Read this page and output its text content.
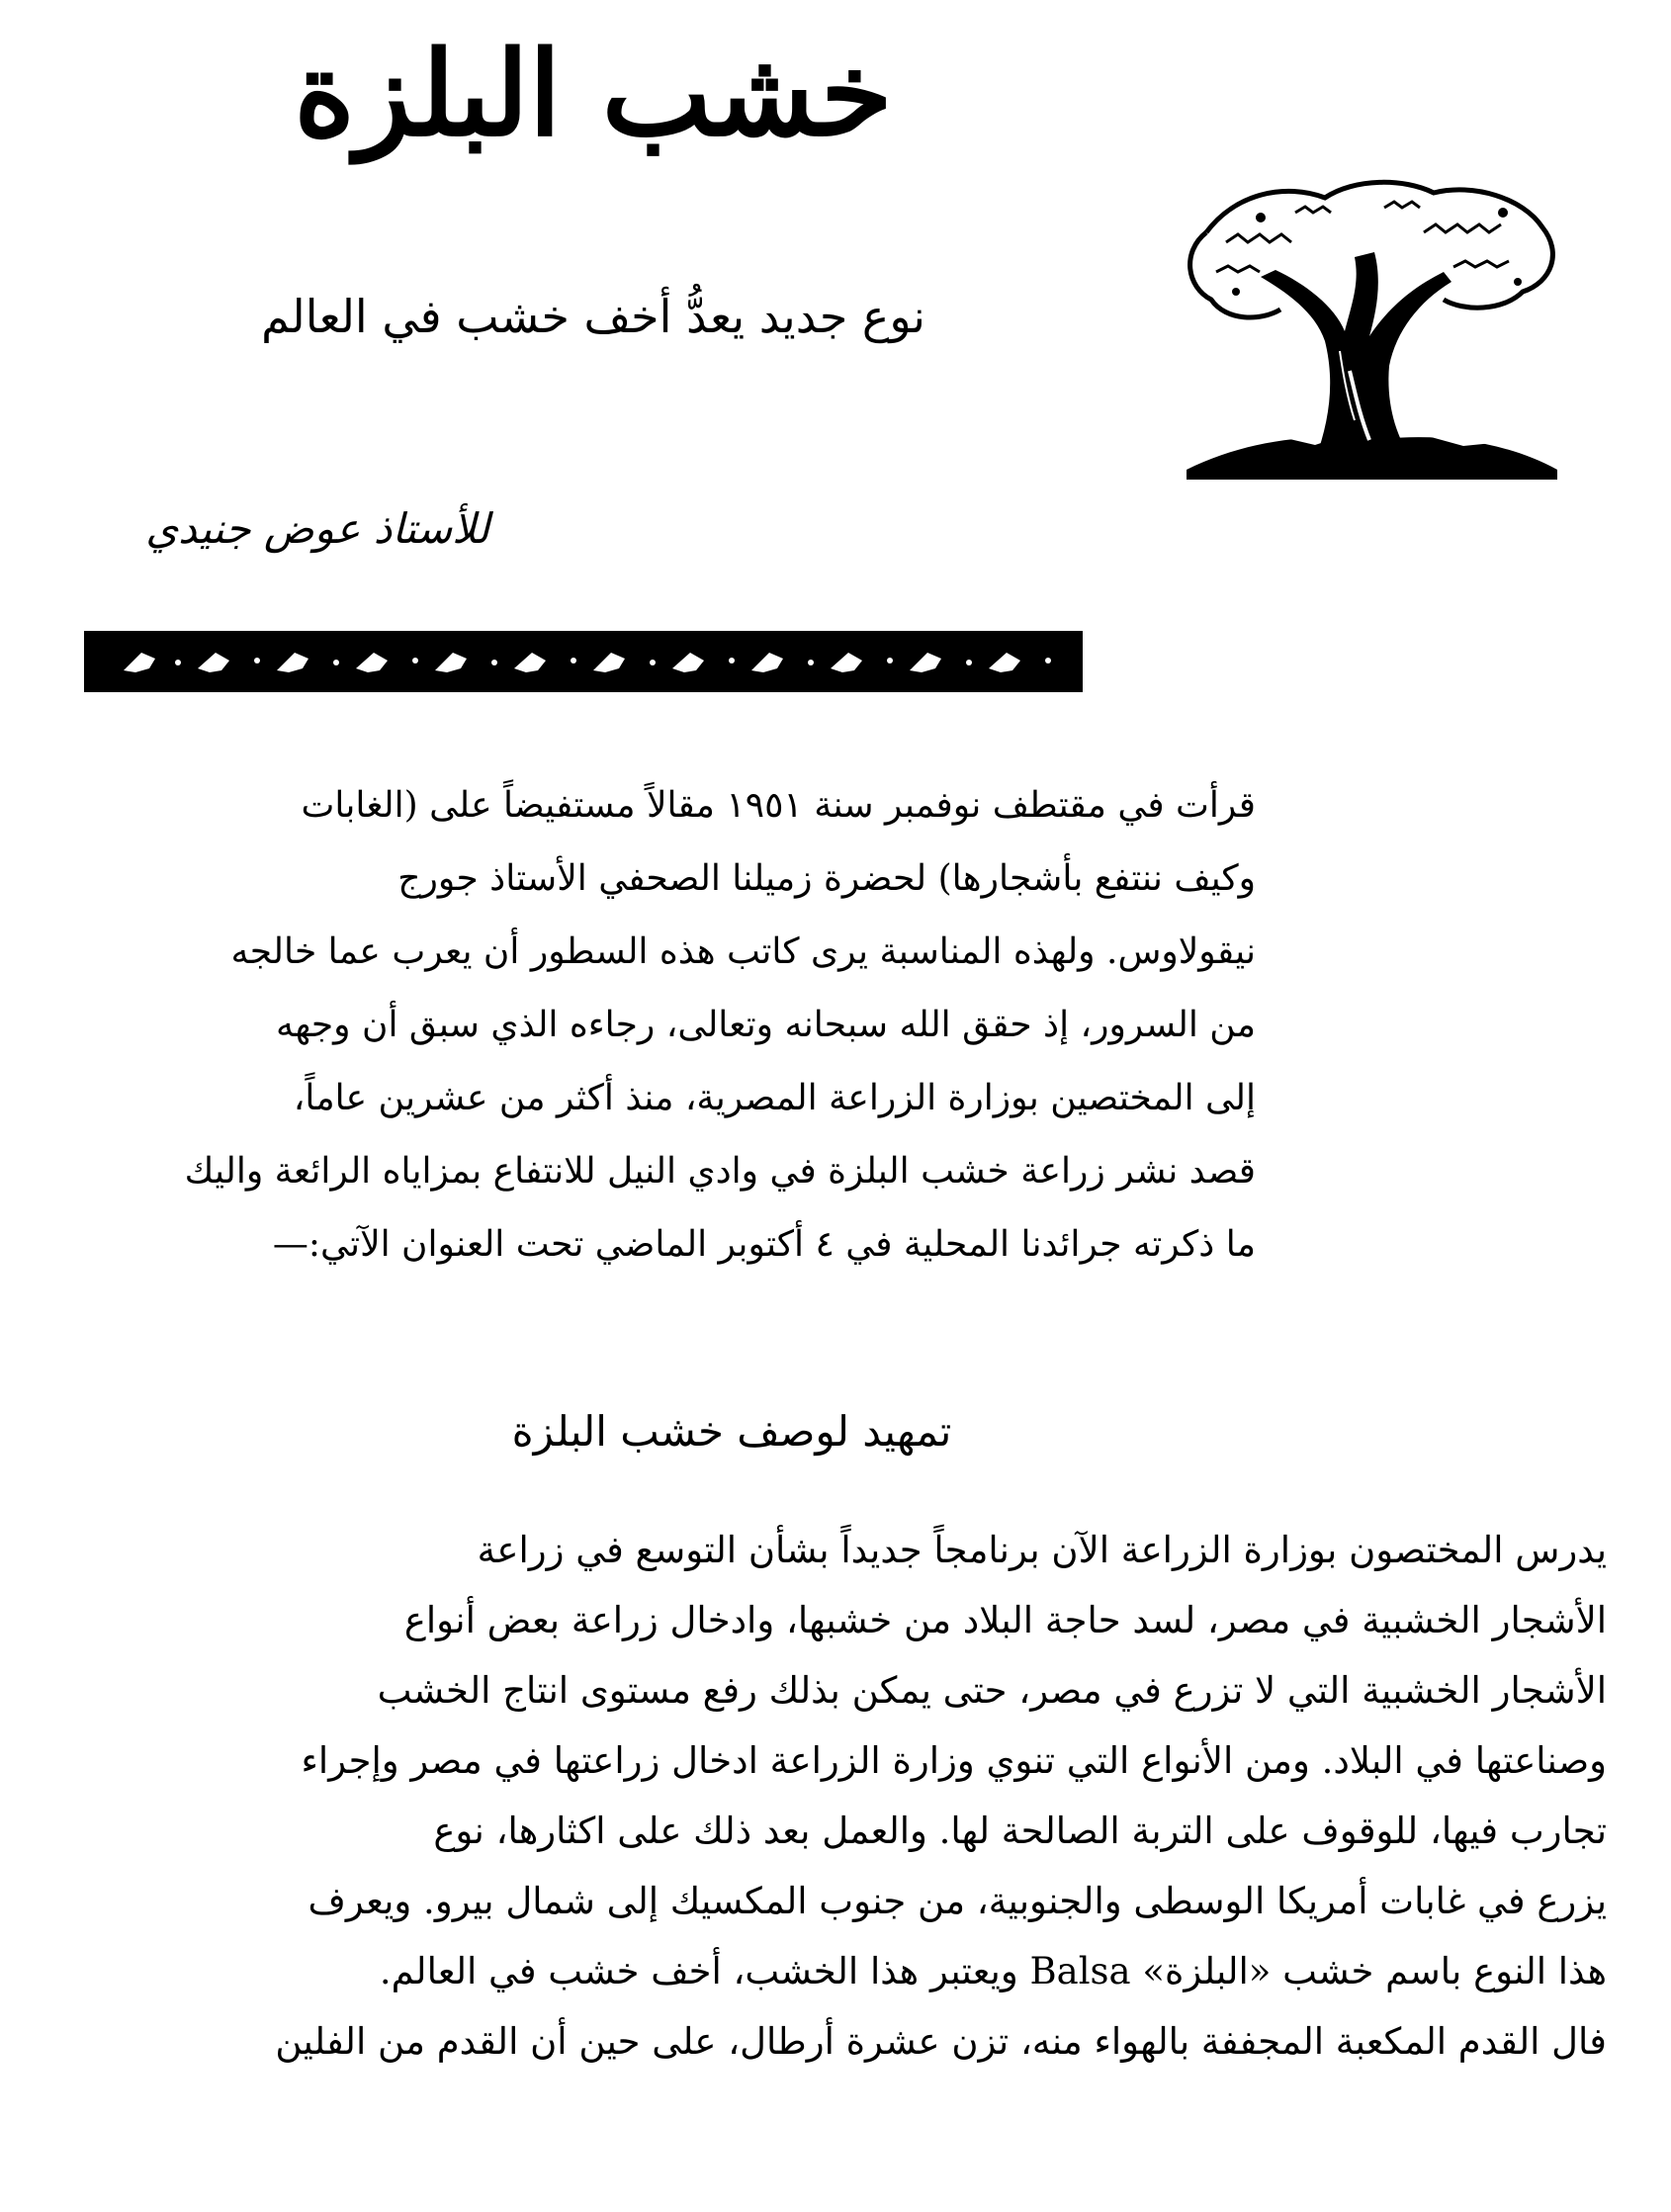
خشب البلزة
نوع جديد يعدُّ أخف خشب في العالم
للأستاذ عوض جنيدي
قرأت في مقتطف نوفمبر سنة ١٩٥١ مقالاً مستفيضاً على (الغابات
وكيف ننتفع بأشجارها) لحضرة زميلنا الصحفي الأستاذ جورج
نيقولاوس. ولهذه المناسبة يرى كاتب هذه السطور أن يعرب عما خالجه
من السرور، إذ حقق الله سبحانه وتعالى، رجاءه الذي سبق أن وجهه
إلى المختصين بوزارة الزراعة المصرية، منذ أكثر من عشرين عاماً،
قصد نشر زراعة خشب البلزة في وادي النيل للانتفاع بمزاياه الرائعة واليك
ما ذكرته جرائدنا المحلية في ٤ أكتوبر الماضي تحت العنوان الآتي:—
تمهيد لوصف خشب البلزة
يدرس المختصون بوزارة الزراعة الآن برنامجاً جديداً بشأن التوسع في زراعة
الأشجار الخشبية في مصر، لسد حاجة البلاد من خشبها، وادخال زراعة بعض أنواع
الأشجار الخشبية التي لا تزرع في مصر، حتى يمكن بذلك رفع مستوى انتاج الخشب
وصناعتها في البلاد. ومن الأنواع التي تنوي وزارة الزراعة ادخال زراعتها في مصر وإجراء
تجارب فيها، للوقوف على التربة الصالحة لها. والعمل بعد ذلك على اكثارها، نوع
يزرع في غابات أمريكا الوسطى والجنوبية، من جنوب المكسيك إلى شمال بيرو. ويعرف
هذا النوع باسم خشب «البلزة» Balsa ويعتبر هذا الخشب، أخف خشب في العالم.
فال القدم المكعبة المجففة بالهواء منه، تزن عشرة أرطال، على حين أن القدم من الفلين
